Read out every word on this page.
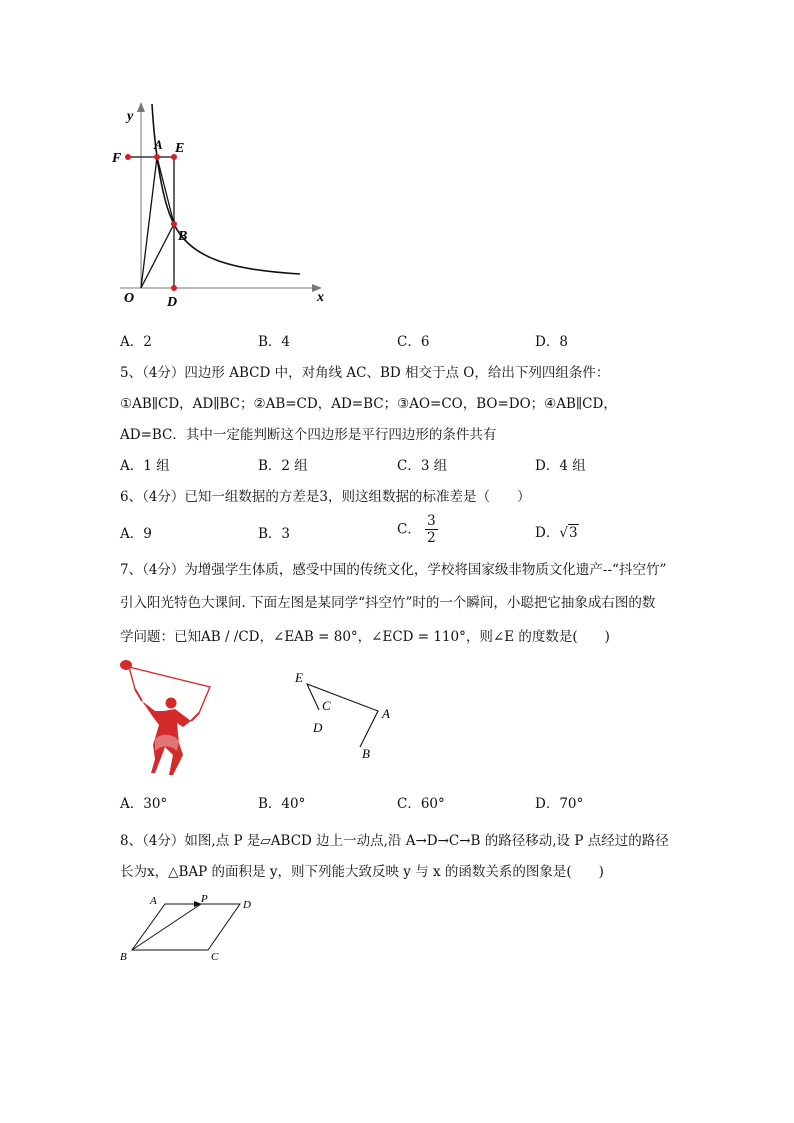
y
x
O
F
A E
B
D
A．2	B．4	C．6	D．8
5、（4分）四边形 ABCD 中，对角线 AC、BD 相交于点 O，给出下列四组条件：
①AB∥CD，AD∥BC；②AB=CD，AD=BC；③AO=CO，BO=DO；④AB∥CD，
AD=BC．其中一定能判断这个四边形是平行四边形的条件共有
A．1 组	B．2 组	C．3 组	D．4 组
6、（4分）已知一组数据的方差是3，则这组数据的标准差是（　　）
A．9	B．3	C． $\frac{3}{2}$	D．√3
7、（4分）为增强学生体质，感受中国的传统文化，学校将国家级非物质文化遗产--“抖空竹”
引入阳光特色大课间. 下面左图是某同学“抖空竹”时的一个瞬间，小聪把它抽象成右图的数
学问题：已知AB / /CD，∠EAB = 80°，∠ECD = 110°，则∠E 的度数是(　　)
E
C
D
A
B
A．30°	B．40°	C．60°	D．70°
8、（4分）如图,点 P 是▱ABCD 边上一动点,沿 A→D→C→B 的路径移动,设 P 点经过的路径
长为x，△BAP 的面积是 y，则下列能大致反映 y 与 x 的函数关系的图象是(　　)
A	P	D
B	C
